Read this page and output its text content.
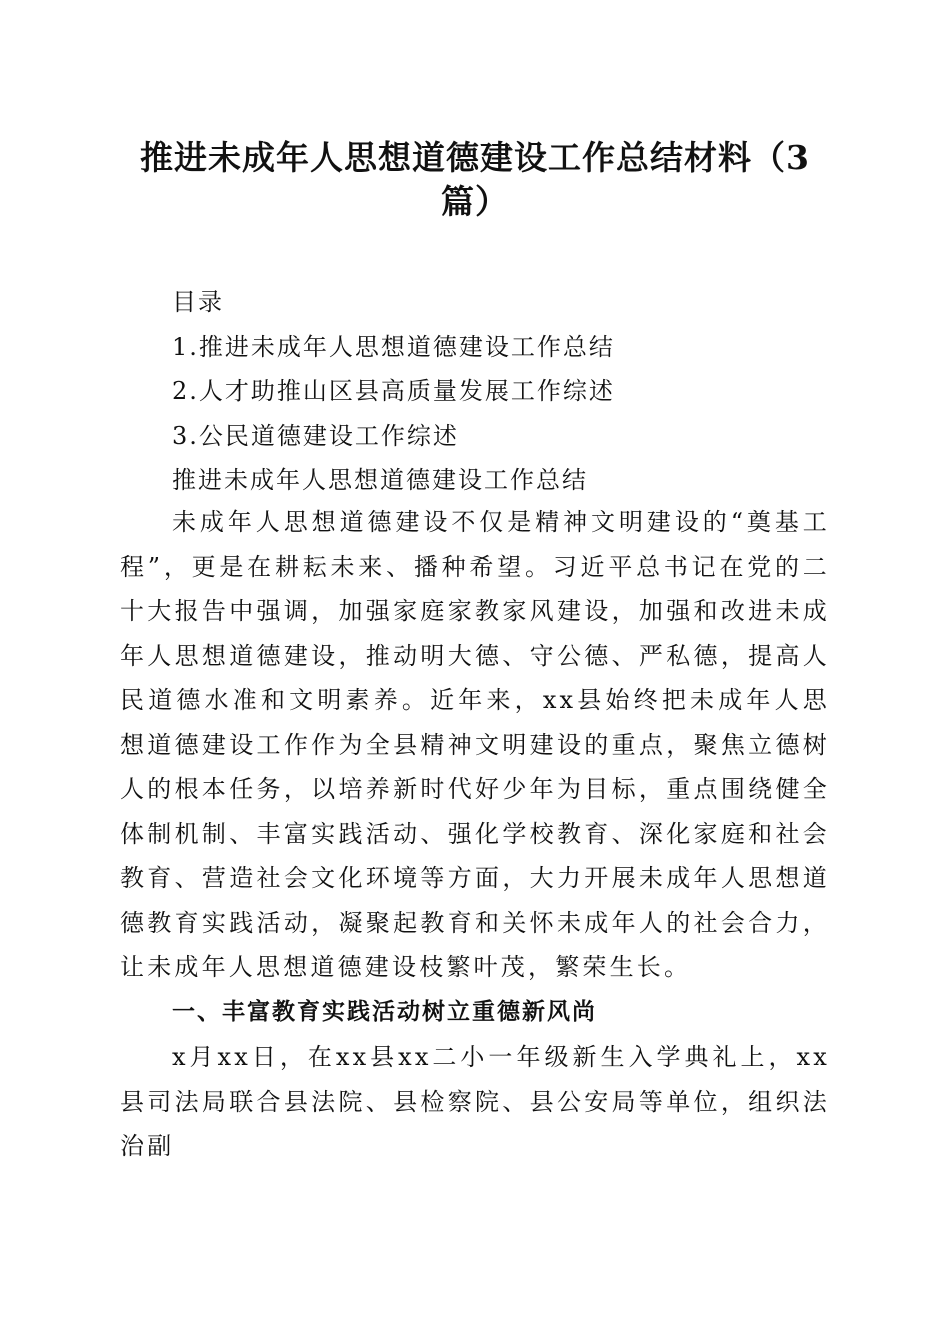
推进未成年人思想道德建设工作总结材料（3篇）
目录
1.推进未成年人思想道德建设工作总结
2.人才助推山区县高质量发展工作综述
3.公民道德建设工作综述
推进未成年人思想道德建设工作总结

未成年人思想道德建设不仅是精神文明建设的“奠基工程”，更是在耕耘未来、播种希望。习近平总书记在党的二十大报告中强调，加强家庭家教家风建设，加强和改进未成年人思想道德建设，推动明大德、守公德、严私德，提高人民道德水准和文明素养。近年来，xx县始终把未成年人思想道德建设工作作为全县精神文明建设的重点，聚焦立德树人的根本任务，以培养新时代好少年为目标，重点围绕健全体制机制、丰富实践活动、强化学校教育、深化家庭和社会教育、营造社会文化环境等方面，大力开展未成年人思想道德教育实践活动，凝聚起教育和关怀未成年人的社会合力，让未成年人思想道德建设枝繁叶茂，繁荣生长。

一、丰富教育实践活动树立重德新风尚

x月xx日，在xx县xx二小一年级新生入学典礼上，xx县司法局联合县法院、县检察院、县公安局等单位，组织法治副
